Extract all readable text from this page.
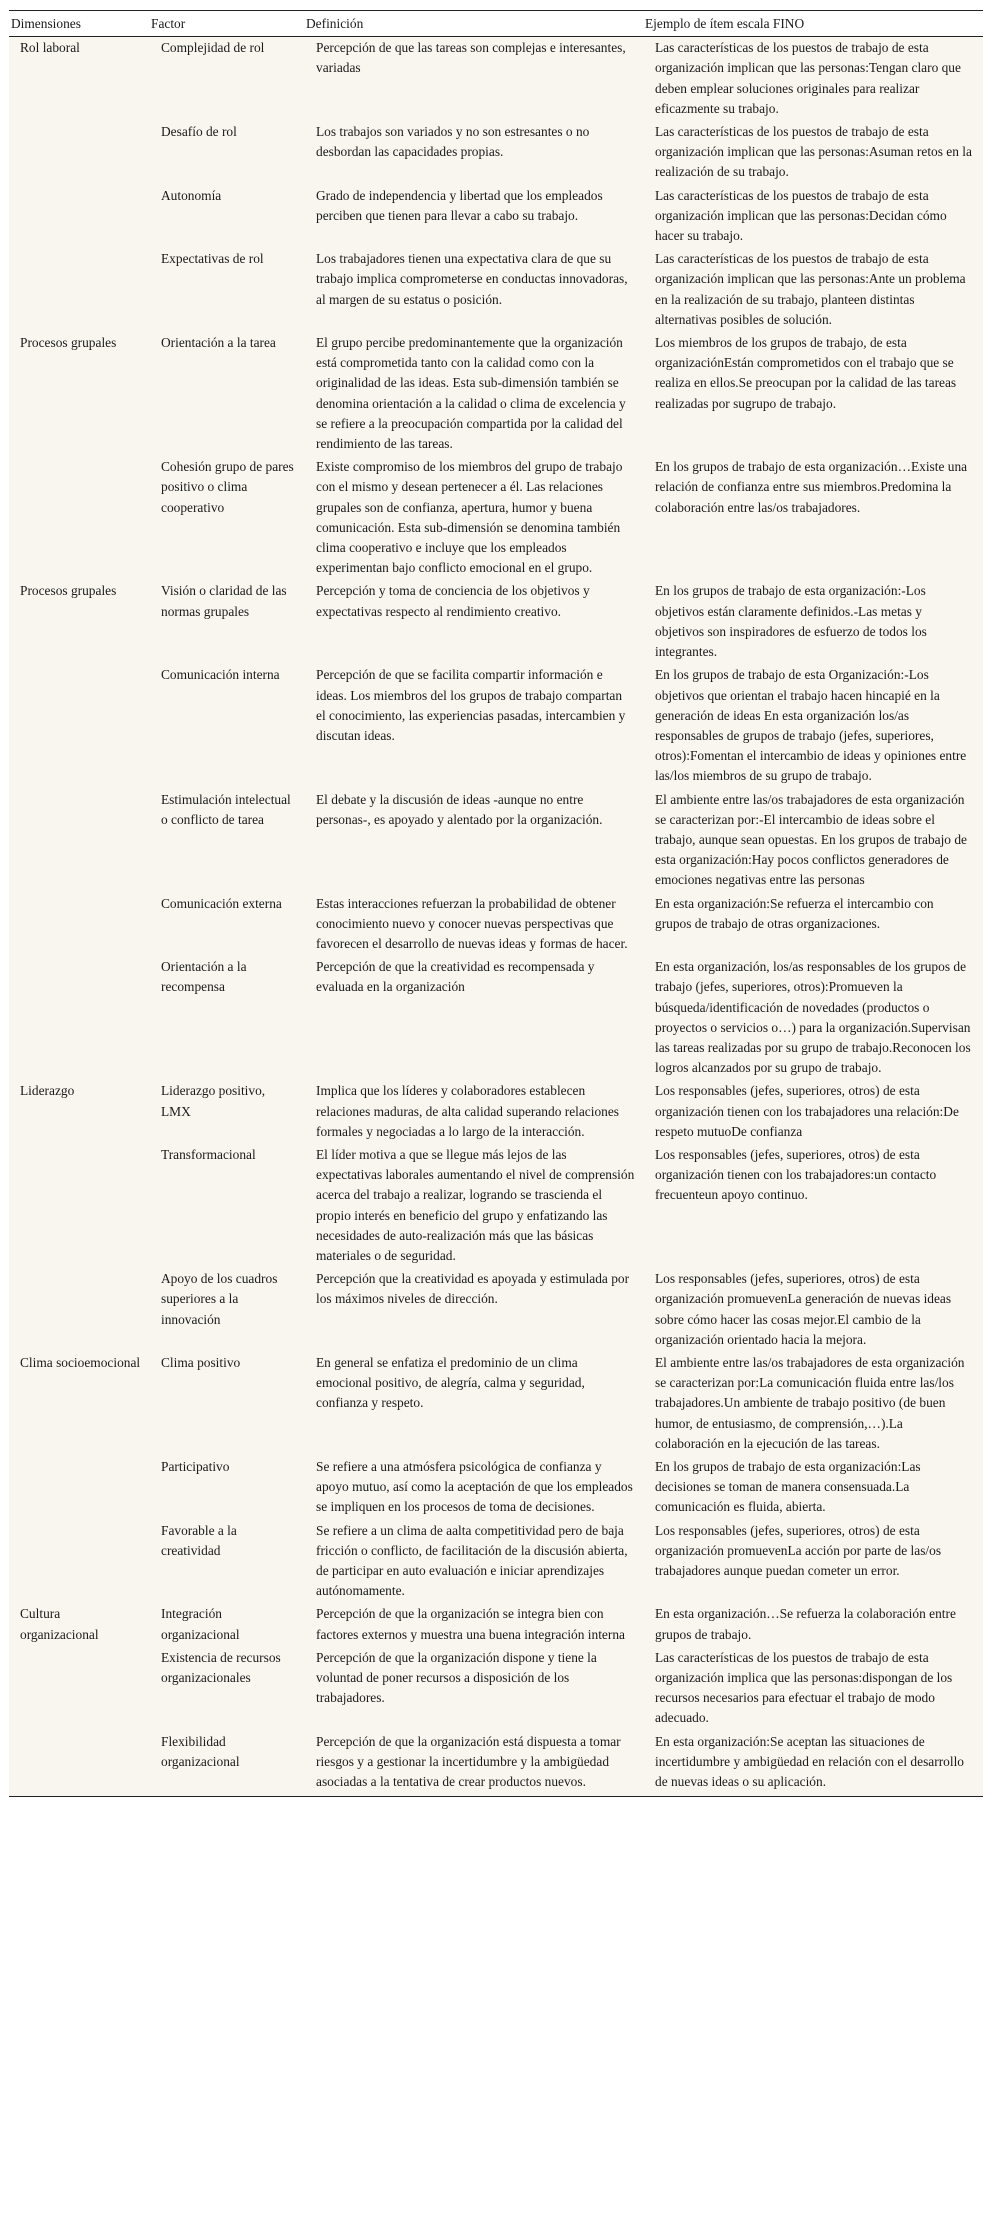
Dimensiones	Factor	Definición	Ejemplo de ítem escala FINO
Rol laboral	Complejidad de rol	Percepción de que las tareas son complejas e interesantes, variadas	Las características de los puestos de trabajo de esta organización implican que las personas:Tengan claro que deben emplear soluciones originales para realizar eficazmente su trabajo.
	Desafío de rol	Los trabajos son variados y no son estresantes o no desbordan las capacidades propias.	Las características de los puestos de trabajo de esta organización implican que las personas:Asuman retos en la realización de su trabajo.
	Autonomía	Grado de independencia y libertad que los empleados perciben que tienen para llevar a cabo su trabajo.	Las características de los puestos de trabajo de esta organización implican que las personas:Decidan cómo hacer su trabajo.
	Expectativas de rol	Los trabajadores tienen una expectativa clara de que su trabajo implica comprometerse en conductas innovadoras, al margen de su estatus o posición.	Las características de los puestos de trabajo de esta organización implican que las personas:Ante un problema en la realización de su trabajo, planteen distintas alternativas posibles de solución.
Procesos grupales	Orientación a la tarea	El grupo percibe predominantemente que la organización está comprometida tanto con la calidad como con la originalidad de las ideas. Esta sub-dimensión también se denomina orientación a la calidad o clima de excelencia y se refiere a la preocupación compartida por la calidad del rendimiento de las tareas.	Los miembros de los grupos de trabajo, de esta organizaciónEstán comprometidos con el trabajo que se realiza en ellos.Se preocupan por la calidad de las tareas realizadas por sugrupo de trabajo.
	Cohesión grupo de pares positivo o clima cooperativo	Existe compromiso de los miembros del grupo de trabajo con el mismo y desean pertenecer a él. Las relaciones grupales son de confianza, apertura, humor y buena comunicación. Esta sub-dimensión se denomina también clima cooperativo e incluye que los empleados experimentan bajo conflicto emocional en el grupo.	En los grupos de trabajo de esta organización…Existe una relación de confianza entre sus miembros.Predomina la colaboración entre las/os trabajadores.
Procesos grupales	Visión o claridad de las normas grupales	Percepción y toma de conciencia de los objetivos y expectativas respecto al rendimiento creativo.	En los grupos de trabajo de esta organización:-Los objetivos están claramente definidos.-Las metas y objetivos son inspiradores de esfuerzo de todos los integrantes.
	Comunicación interna	Percepción de que se facilita compartir información e ideas. Los miembros del los grupos de trabajo compartan el conocimiento, las experiencias pasadas, intercambien y discutan ideas.	En los grupos de trabajo de esta Organización:-Los objetivos que orientan el trabajo hacen hincapié en la generación de ideas En esta organización los/as responsables de grupos de trabajo (jefes, superiores, otros):Fomentan el intercambio de ideas y opiniones entre las/los miembros de su grupo de trabajo.
	Estimulación intelectual o conflicto de tarea	El debate y la discusión de ideas -aunque no entre personas-, es apoyado y alentado por la organización.	El ambiente entre las/os trabajadores de esta organización se caracterizan por:-El intercambio de ideas sobre el trabajo, aunque sean opuestas. En los grupos de trabajo de esta organización:Hay pocos conflictos generadores de emociones negativas entre las personas
	Comunicación externa	Estas interacciones refuerzan la probabilidad de obtener conocimiento nuevo y conocer nuevas perspectivas que favorecen el desarrollo de nuevas ideas y formas de hacer.	En esta organización:Se refuerza el intercambio con grupos de trabajo de otras organizaciones.
	Orientación a la recompensa	Percepción de que la creatividad es recompensada y evaluada en la organización	En esta organización, los/as responsables de los grupos de trabajo (jefes, superiores, otros):Promueven la búsqueda/identificación de novedades (productos o proyectos o servicios o…) para la organización.Supervisan las tareas realizadas por su grupo de trabajo.Reconocen los logros alcanzados por su grupo de trabajo.
Liderazgo	Liderazgo positivo, LMX	Implica que los líderes y colaboradores establecen relaciones maduras, de alta calidad superando relaciones formales y negociadas a lo largo de la interacción.	Los responsables (jefes, superiores, otros) de esta organización tienen con los trabajadores una relación:De respeto mutuoDe confianza
	Transformacional	El líder motiva a que se llegue más lejos de las expectativas laborales aumentando el nivel de comprensión acerca del trabajo a realizar, logrando se trascienda el propio interés en beneficio del grupo y enfatizando las necesidades de auto-realización más que las básicas materiales o de seguridad.	Los responsables (jefes, superiores, otros) de esta organización tienen con los trabajadores:un contacto frecuenteun apoyo continuo.
	Apoyo de los cuadros superiores a la innovación	Percepción que la creatividad es apoyada y estimulada por los máximos niveles de dirección.	Los responsables (jefes, superiores, otros) de esta organización promuevenLa generación de nuevas ideas sobre cómo hacer las cosas mejor.El cambio de la organización orientado hacia la mejora.
Clima socioemocional	Clima positivo	En general se enfatiza el predominio de un clima emocional positivo, de alegría, calma y seguridad, confianza y respeto.	El ambiente entre las/os trabajadores de esta organización se caracterizan por:La comunicación fluida entre las/los trabajadores.Un ambiente de trabajo positivo (de buen humor, de entusiasmo, de comprensión,…).La colaboración en la ejecución de las tareas.
	Participativo	Se refiere a una atmósfera psicológica de confianza y apoyo mutuo, así como la aceptación de que los empleados se impliquen en los procesos de toma de decisiones.	En los grupos de trabajo de esta organización:Las decisiones se toman de manera consensuada.La comunicación es fluida, abierta.
	Favorable a la creatividad	Se refiere a un clima de aalta competitividad pero de baja fricción o conflicto, de facilitación de la discusión abierta, de participar en auto evaluación e iniciar aprendizajes autónomamente.	Los responsables (jefes, superiores, otros) de esta organización promuevenLa acción por parte de las/os trabajadores aunque puedan cometer un error.
Cultura organizacional	Integración organizacional	Percepción de que la organización se integra bien con factores externos y muestra una buena integración interna	En esta organización…Se refuerza la colaboración entre grupos de trabajo.
	Existencia de recursos organizacionales	Percepción de que la organización dispone y tiene la voluntad de poner recursos a disposición de los trabajadores.	Las características de los puestos de trabajo de esta organización implica que las personas:dispongan de los recursos necesarios para efectuar el trabajo de modo adecuado.
	Flexibilidad organizacional	Percepción de que la organización está dispuesta a tomar riesgos y a gestionar la incertidumbre y la ambigüedad asociadas a la tentativa de crear productos nuevos.	En esta organización:Se aceptan las situaciones de incertidumbre y ambigüedad en relación con el desarrollo de nuevas ideas o su aplicación.
